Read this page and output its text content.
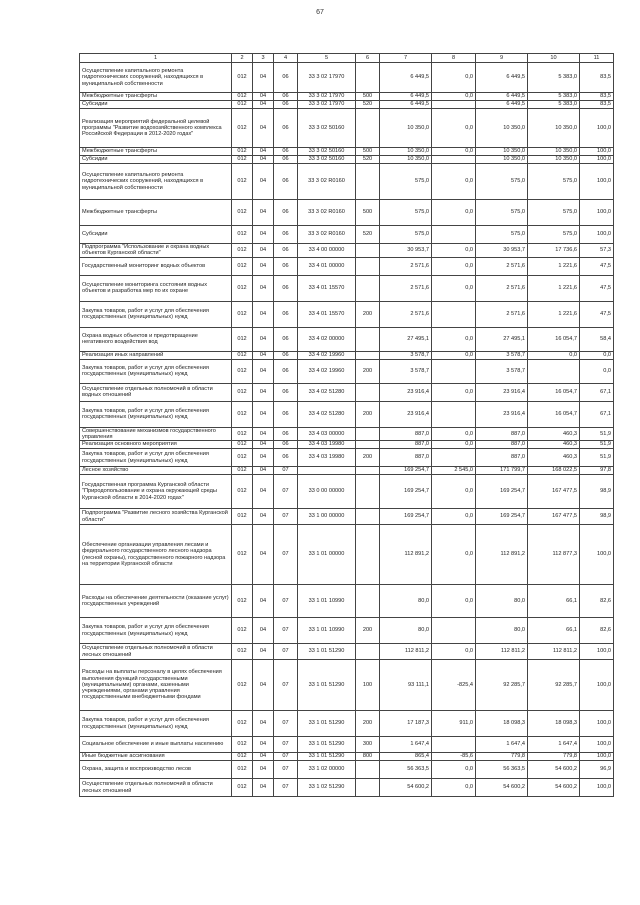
67
1	2	3	4	5	6	7	8	9	10	11
Осуществление капитального ремонта гидротехнических сооружений, находящихся в муниципальной собственности	012	04	06	33 3 02 17970		6 449,5	0,0	6 449,5	5 383,0	83,5
Межбюджетные трансферты	012	04	06	33 3 02 17970	500	6 449,5	0,0	6 449,5	5 383,0	83,5
Субсидии	012	04	06	33 3 02 17970	520	6 449,5		6 449,5	5 383,0	83,5
Реализация мероприятий федеральной целевой программы "Развитие водохозяйственного комплекса Российской Федерации в 2012-2020 годах"	012	04	06	33 3 02 50160		10 350,0	0,0	10 350,0	10 350,0	100,0
Межбюджетные трансферты	012	04	06	33 3 02 50160	500	10 350,0	0,0	10 350,0	10 350,0	100,0
Субсидии	012	04	06	33 3 02 50160	520	10 350,0		10 350,0	10 350,0	100,0
Осуществление капитального ремонта гидротехнических сооружений, находящихся в муниципальной собственности	012	04	06	33 3 02 R0160		575,0	0,0	575,0	575,0	100,0
Межбюджетные трансферты	012	04	06	33 3 02 R0160	500	575,0	0,0	575,0	575,0	100,0
Субсидии	012	04	06	33 3 02 R0160	520	575,0		575,0	575,0	100,0
Подпрограмма "Использование и охрана водных объектов Курганской области"	012	04	06	33 4 00 00000		30 953,7	0,0	30 953,7	17 736,6	57,3
Государственный мониторинг водных объектов	012	04	06	33 4 01 00000		2 571,6	0,0	2 571,6	1 221,6	47,5
Осуществление мониторинга состояния водных объектов и разработка мер по их охране	012	04	06	33 4 01 15570		2 571,6	0,0	2 571,6	1 221,6	47,5
Закупка товаров, работ и услуг для обеспечения государственных (муниципальных) нужд	012	04	06	33 4 01 15570	200	2 571,6		2 571,6	1 221,6	47,5
Охрана водных объектов и предотвращение негативного воздействия вод	012	04	06	33 4 02 00000		27 495,1	0,0	27 495,1	16 054,7	58,4
Реализация иных направлений	012	04	06	33 4 02 19960		3 578,7	0,0	3 578,7	0,0	0,0
Закупка товаров, работ и услуг для обеспечения государственных (муниципальных) нужд	012	04	06	33 4 02 19960	200	3 578,7		3 578,7		0,0
Осуществление отдельных полномочий в области водных отношений	012	04	06	33 4 02 51280		23 916,4	0,0	23 916,4	16 054,7	67,1
Закупка товаров, работ и услуг для обеспечения государственных (муниципальных) нужд	012	04	06	33 4 02 51280	200	23 916,4		23 916,4	16 054,7	67,1
Совершенствование механизмов государственного управления	012	04	06	33 4 03 00000		887,0	0,0	887,0	460,3	51,9
Реализация основного мероприятия	012	04	06	33 4 03 19980		887,0	0,0	887,0	460,3	51,9
Закупка товаров, работ и услуг для обеспечения государственных (муниципальных) нужд	012	04	06	33 4 03 19980	200	887,0		887,0	460,3	51,9
Лесное хозяйство	012	04	07			169 254,7	2 545,0	171 799,7	168 022,5	97,8
Государственная программа Курганской области "Природопользование и охрана окружающей среды Курганской области в 2014-2020 годах"	012	04	07	33 0 00 00000		169 254,7	0,0	169 254,7	167 477,5	98,9
Подпрограмма "Развитие лесного хозяйства Курганской области"	012	04	07	33 1 00 00000		169 254,7	0,0	169 254,7	167 477,5	98,9
Обеспечение организации управления лесами и федерального государственного лесного надзора (лесной охраны), государственного пожарного надзора на территории Курганской области	012	04	07	33 1 01 00000		112 891,2	0,0	112 891,2	112 877,3	100,0
Расходы на обеспечение деятельности (оказание услуг) государственных учреждений	012	04	07	33 1 01 10990		80,0	0,0	80,0	66,1	82,6
Закупка товаров, работ и услуг для обеспечения государственных (муниципальных) нужд	012	04	07	33 1 01 10990	200	80,0		80,0	66,1	82,6
Осуществление отдельных полномочий в области лесных отношений	012	04	07	33 1 01 51290		112 811,2	0,0	112 811,2	112 811,2	100,0
Расходы на выплаты персоналу в целях обеспечения выполнения функций государственными (муниципальными) органами, казенными учреждениями, органами управления государственными внебюджетными фондами	012	04	07	33 1 01 51290	100	93 111,1	-825,4	92 285,7	92 285,7	100,0
Закупка товаров, работ и услуг для обеспечения государственных (муниципальных) нужд	012	04	07	33 1 01 51290	200	17 187,3	911,0	18 098,3	18 098,3	100,0
Социальное обеспечение и иные выплаты населению	012	04	07	33 1 01 51290	300	1 647,4		1 647,4	1 647,4	100,0
Иные бюджетные ассигнования	012	04	07	33 1 01 51290	800	865,4	-85,6	779,8	779,8	100,0
Охрана, защита и воспроизводство лесов	012	04	07	33 1 02 00000		56 363,5	0,0	56 363,5	54 600,2	96,9
Осуществление отдельных полномочий в области лесных отношений	012	04	07	33 1 02 51290		54 600,2	0,0	54 600,2	54 600,2	100,0
